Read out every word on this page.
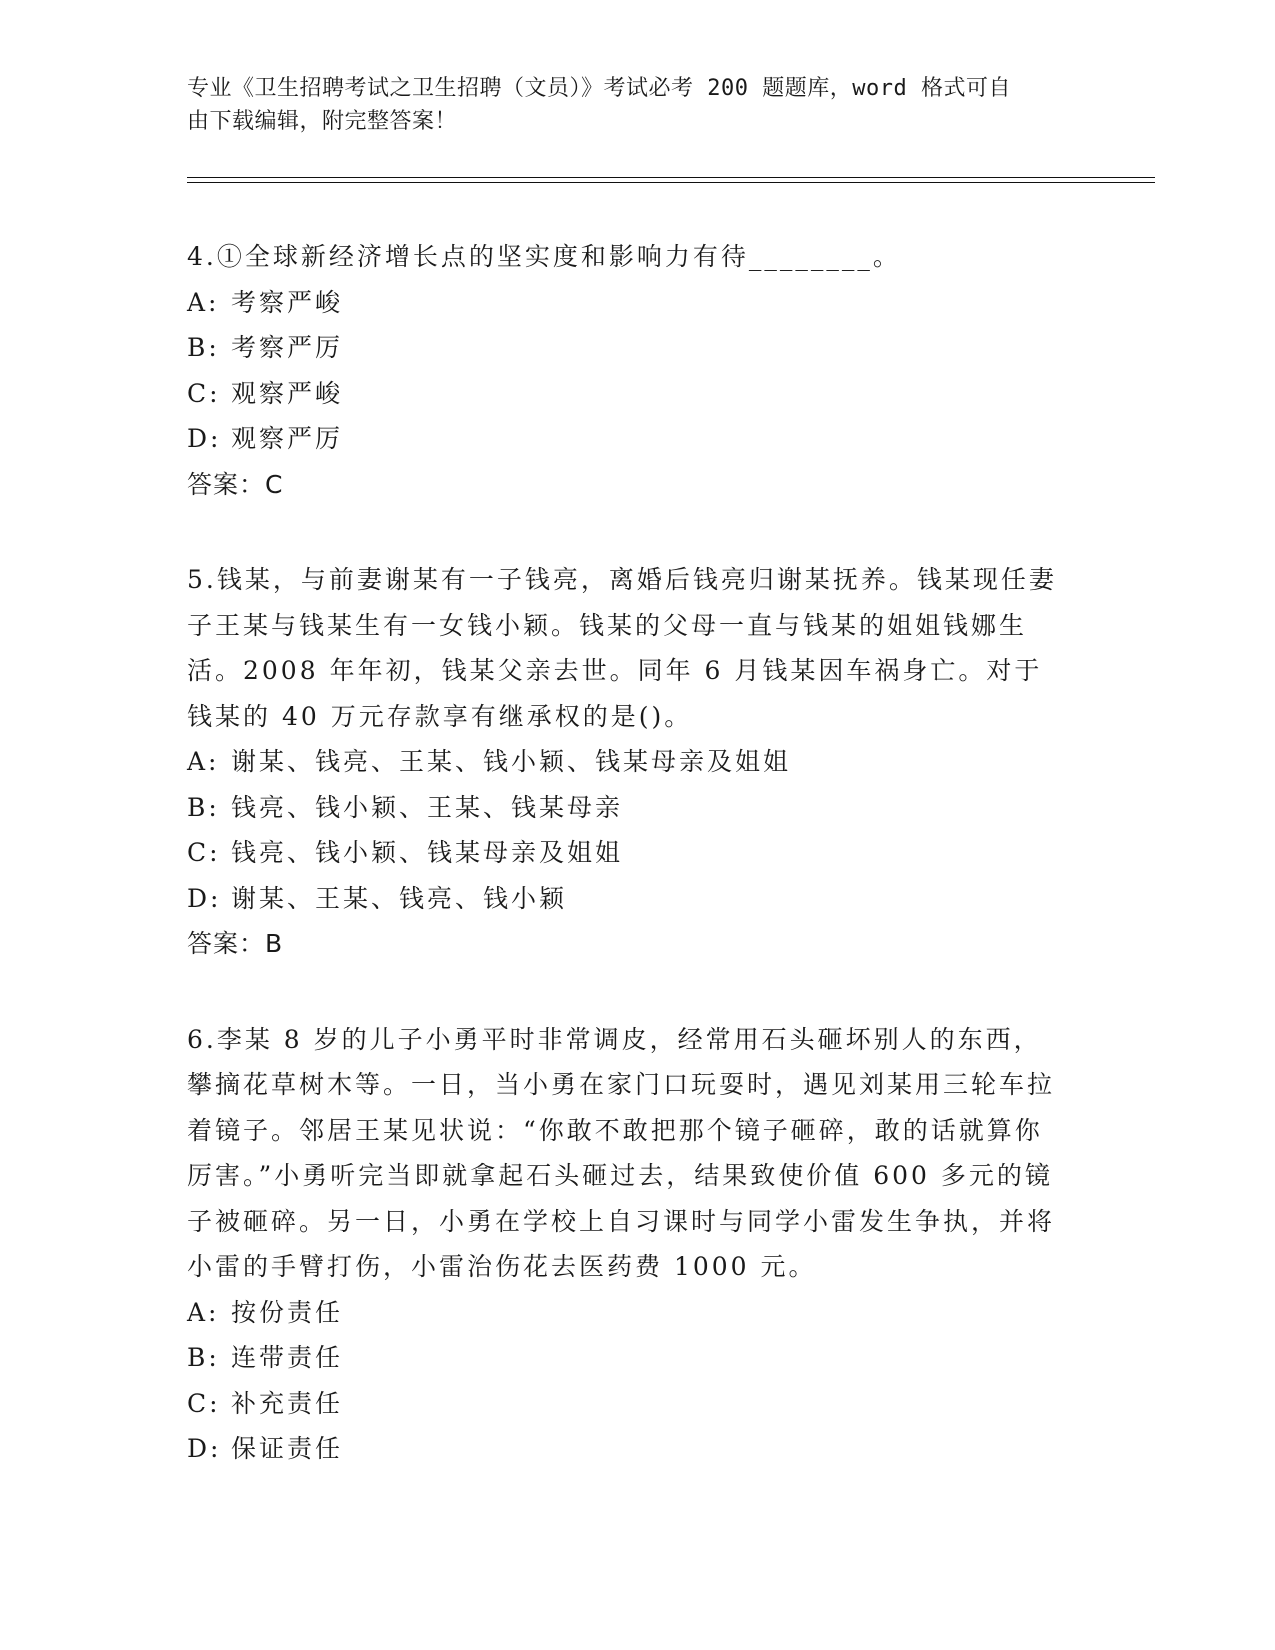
专业《卫生招聘考试之卫生招聘（文员）》考试必考 200 题题库，word 格式可自
由下载编辑，附完整答案！

4.①全球新经济增长点的坚实度和影响力有待________。

A: 考察严峻
B: 考察严厉
C: 观察严峻
D: 观察严厉

答案：C

5.钱某，与前妻谢某有一子钱亮，离婚后钱亮归谢某抚养。钱某现任妻子王某与钱某生有一女钱小颖。钱某的父母一直与钱某的姐姐钱娜生活。2008 年年初，钱某父亲去世。同年 6 月钱某因车祸身亡。对于钱某的 40 万元存款享有继承权的是()。

A: 谢某、钱亮、王某、钱小颖、钱某母亲及姐姐
B: 钱亮、钱小颖、王某、钱某母亲
C: 钱亮、钱小颖、钱某母亲及姐姐
D: 谢某、王某、钱亮、钱小颖

答案：B

6.李某 8 岁的儿子小勇平时非常调皮，经常用石头砸坏别人的东西，攀摘花草树木等。一日，当小勇在家门口玩耍时，遇见刘某用三轮车拉着镜子。邻居王某见状说：“你敢不敢把那个镜子砸碎，敢的话就算你厉害。”小勇听完当即就拿起石头砸过去，结果致使价值 600 多元的镜子被砸碎。另一日，小勇在学校上自习课时与同学小雷发生争执，并将小雷的手臂打伤，小雷治伤花去医药费 1000 元。

A: 按份责任
B: 连带责任
C: 补充责任
D: 保证责任
